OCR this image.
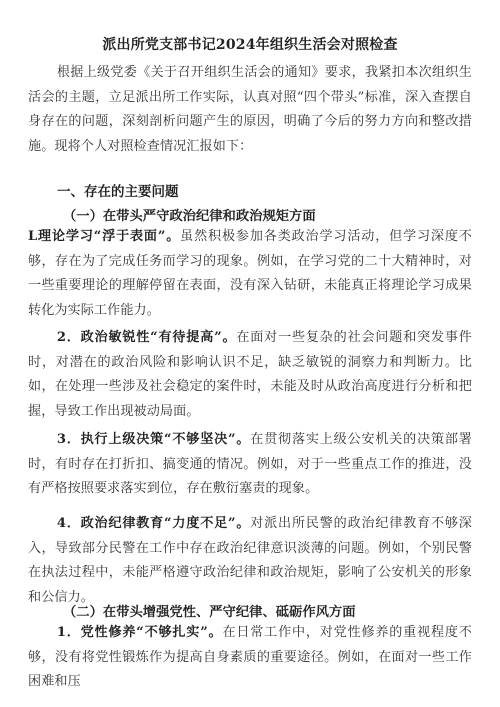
派出所党支部书记2024年组织生活会对照检查
根据上级党委《关于召开组织生活会的通知》要求，我紧扣本次组织生活会的主题，立足派出所工作实际，认真对照“四个带头”标准，深入查摆自身存在的问题，深刻剖析问题产生的原因，明确了今后的努力方向和整改措施。现将个人对照检查情况汇报如下：
一、存在的主要问题
（一）在带头严守政治纪律和政治规矩方面
L理论学习“浮于表面”。虽然积极参加各类政治学习活动，但学习深度不够，存在为了完成任务而学习的现象。例如，在学习党的二十大精神时，对一些重要理论的理解停留在表面，没有深入钻研，未能真正将理论学习成果转化为实际工作能力。
2．政治敏锐性“有待提高”。在面对一些复杂的社会问题和突发事件时，对潜在的政治风险和影响认识不足，缺乏敏锐的洞察力和判断力。比如，在处理一些涉及社会稳定的案件时，未能及时从政治高度进行分析和把握，导致工作出现被动局面。
3．执行上级决策“不够坚决”。在贯彻落实上级公安机关的决策部署时，有时存在打折扣、搞变通的情况。例如，对于一些重点工作的推进，没有严格按照要求落实到位，存在敷衍塞责的现象。
4．政治纪律教育“力度不足”。对派出所民警的政治纪律教育不够深入，导致部分民警在工作中存在政治纪律意识淡薄的问题。例如，个别民警在执法过程中，未能严格遵守政治纪律和政治规矩，影响了公安机关的形象和公信力。
（二）在带头增强党性、严守纪律、砥砺作风方面
1．党性修养“不够扎实”。在日常工作中，对党性修养的重视程度不够，没有将党性锻炼作为提高自身素质的重要途径。例如，在面对一些工作困难和压
